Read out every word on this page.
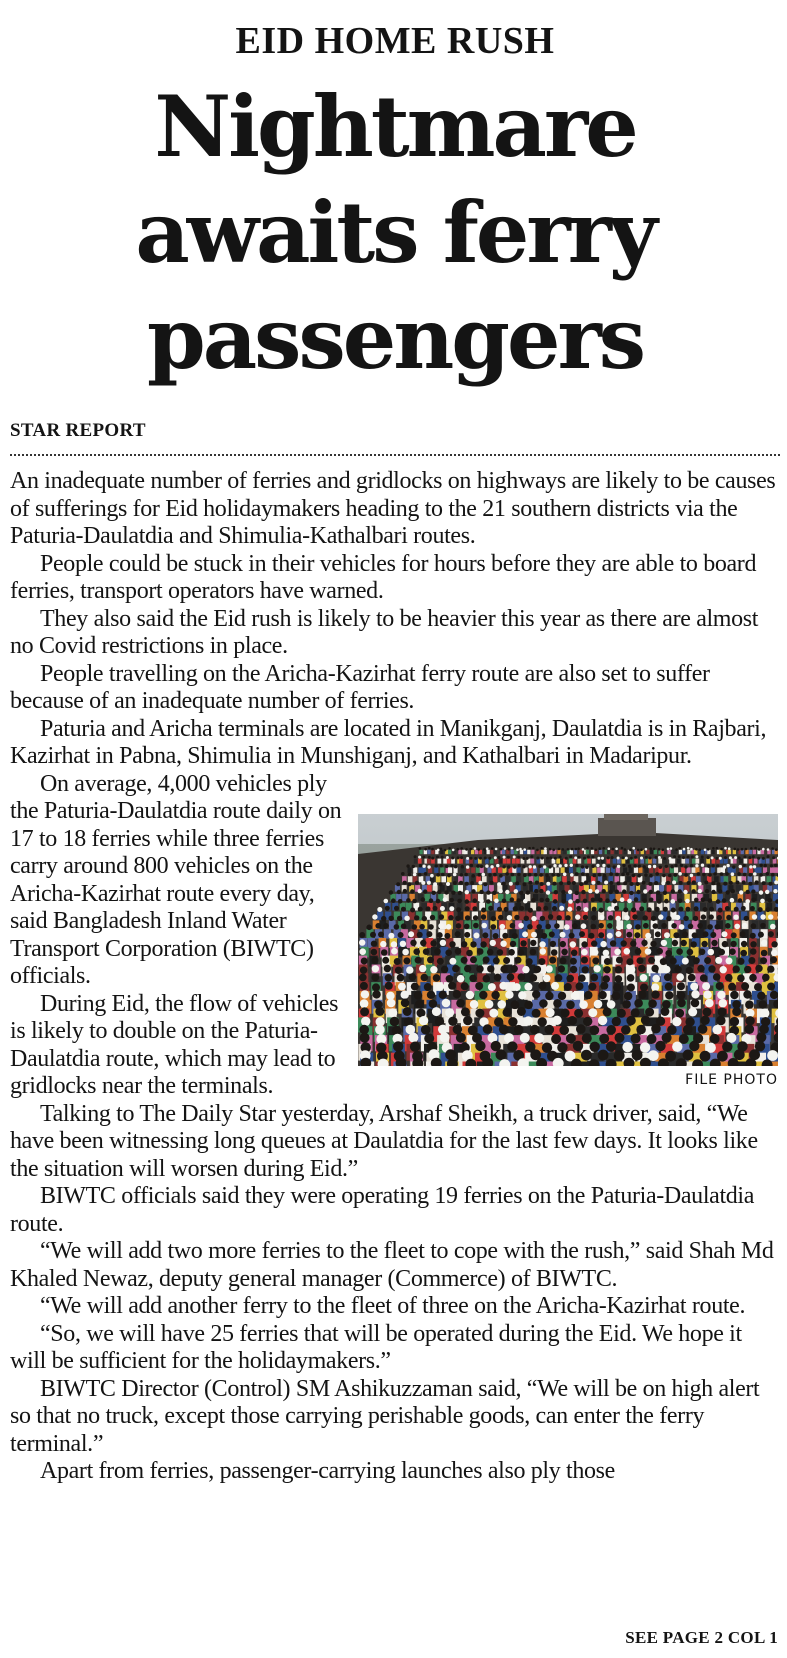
EID HOME RUSH
Nightmare
awaits ferry
passengers
STAR REPORT

An inadequate number of ferries and gridlocks on highways are likely to be causes of sufferings for Eid holidaymakers heading to the 21 southern districts via the Paturia-Daulatdia and Shimulia-Kathalbari routes.

People could be stuck in their vehicles for hours before they are able to board ferries, transport operators have warned.

They also said the Eid rush is likely to be heavier this year as there are almost no Covid restrictions in place.

People travelling on the Aricha-Kazirhat ferry route are also set to suffer because of an inadequate number of ferries.

Paturia and Aricha terminals are located in Manikganj, Daulatdia is in Rajbari, Kazirhat in Pabna, Shimulia in Munshiganj, and Kathalbari in Madaripur.

On average, 4,000 vehicles ply the Paturia-Daulatdia route daily on 17 to 18 ferries while three ferries carry around 800 vehicles on the Aricha-Kazirhat route every day, said Bangladesh Inland Water Transport Corporation (BIWTC) officials.

During Eid, the flow of vehicles is likely to double on the Paturia-Daulatdia route, which may lead to gridlocks near the terminals.

Talking to The Daily Star yesterday, Arshaf Sheikh, a truck driver, said, “We have been witnessing long queues at Daulatdia for the last few days. It looks like the situation will worsen during Eid.”

BIWTC officials said they were operating 19 ferries on the Paturia-Daulatdia route.

“We will add two more ferries to the fleet to cope with the rush,” said Shah Md Khaled Newaz, deputy general manager (Commerce) of BIWTC.

“We will add another ferry to the fleet of three on the Aricha-Kazirhat route.

“So, we will have 25 ferries that will be operated during the Eid. We hope it will be sufficient for the holidaymakers.”

BIWTC Director (Control) SM Ashikuzzaman said, “We will be on high alert so that no truck, except those carrying perishable goods, can enter the ferry terminal.”

Apart from ferries, passenger-carrying launches also ply those

FILE PHOTO
SEE PAGE 2 COL 1
